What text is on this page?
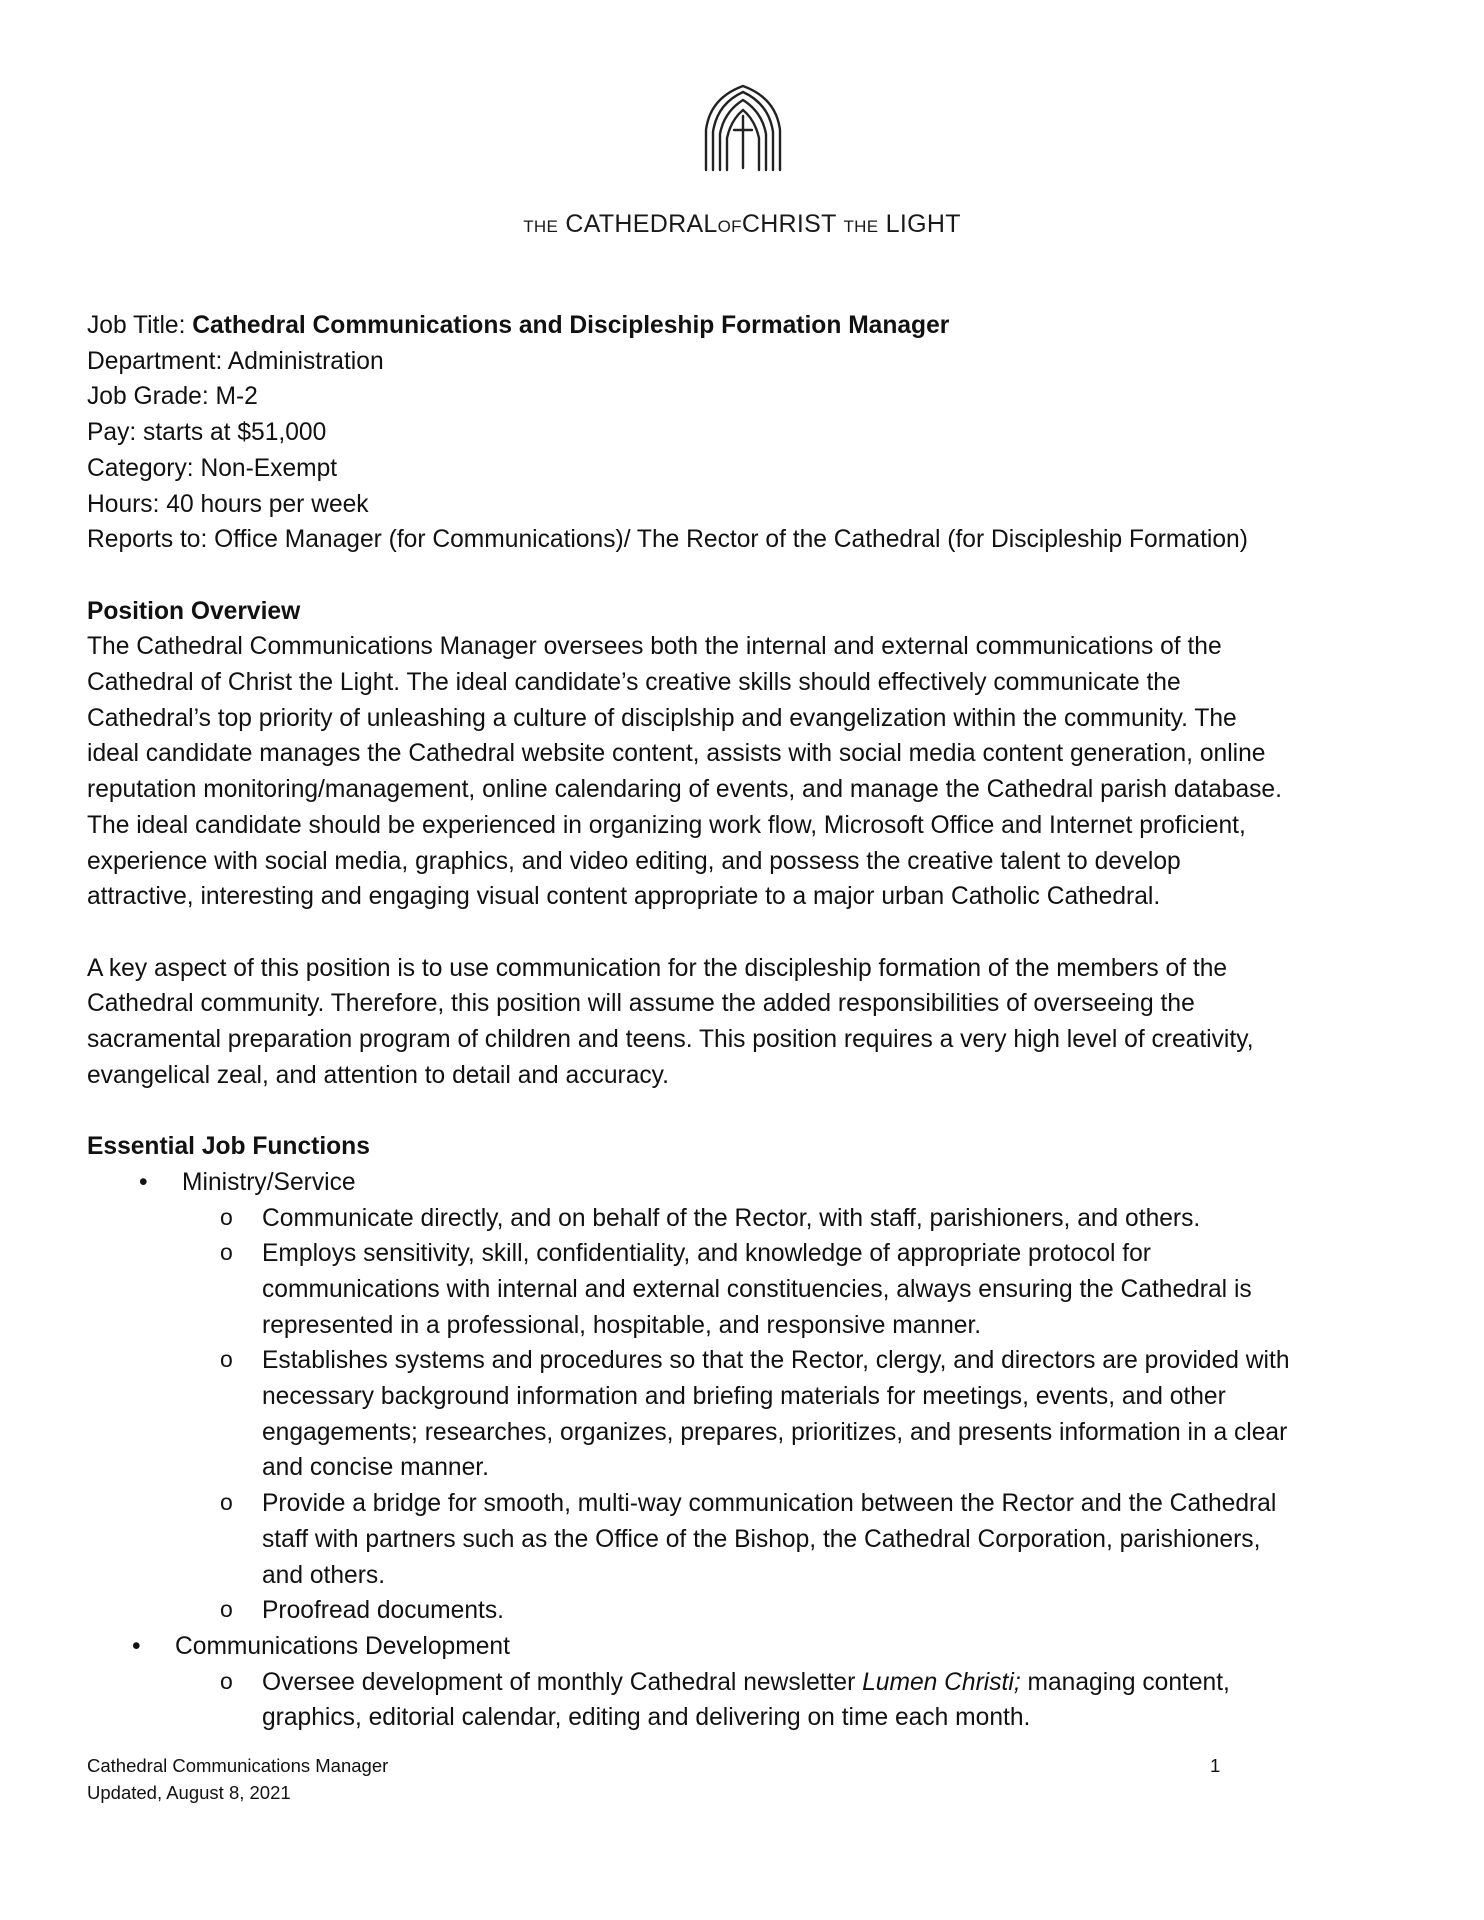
THE CATHEDRALOFCHRIST THE LIGHT

Job Title: Cathedral Communications and Discipleship Formation Manager

Department: Administration

Job Grade: M-2

Pay: starts at $51,000

Category: Non-Exempt

Hours: 40 hours per week

Reports to: Office Manager (for Communications)/ The Rector of the Cathedral (for Discipleship Formation)

Position Overview

The Cathedral Communications Manager oversees both the internal and external communications of the
Cathedral of Christ the Light. The ideal candidate’s creative skills should effectively communicate the
Cathedral’s top priority of unleashing a culture of disciplship and evangelization within the community. The
ideal candidate manages the Cathedral website content, assists with social media content generation, online
reputation monitoring/management, online calendaring of events, and manage the Cathedral parish database.
The ideal candidate should be experienced in organizing work flow, Microsoft Office and Internet proficient,
experience with social media, graphics, and video editing, and possess the creative talent to develop
attractive, interesting and engaging visual content appropriate to a major urban Catholic Cathedral.
A key aspect of this position is to use communication for the discipleship formation of the members of the
Cathedral community. Therefore, this position will assume the added responsibilities of overseeing the
sacramental preparation program of children and teens. This position requires a very high level of creativity,
evangelical zeal, and attention to detail and accuracy.

Essential Job Functions

• Ministry/Service

o Communicate directly, and on behalf of the Rector, with staff, parishioners, and others.
o Employs sensitivity, skill, confidentiality, and knowledge of appropriate protocol for
communications with internal and external constituencies, always ensuring the Cathedral is
represented in a professional, hospitable, and responsive manner.
o Establishes systems and procedures so that the Rector, clergy, and directors are provided with
necessary background information and briefing materials for meetings, events, and other
engagements; researches, organizes, prepares, prioritizes, and presents information in a clear
and concise manner.
o Provide a bridge for smooth, multi-way communication between the Rector and the Cathedral
staff with partners such as the Office of the Bishop, the Cathedral Corporation, parishioners,
and others.
o Proofread documents.

• Communications Development

o Oversee development of monthly Cathedral newsletter Lumen Christi; managing content,
graphics, editorial calendar, editing and delivering on time each month.
Cathedral Communications Manager
Updated, August 8, 2021
1
